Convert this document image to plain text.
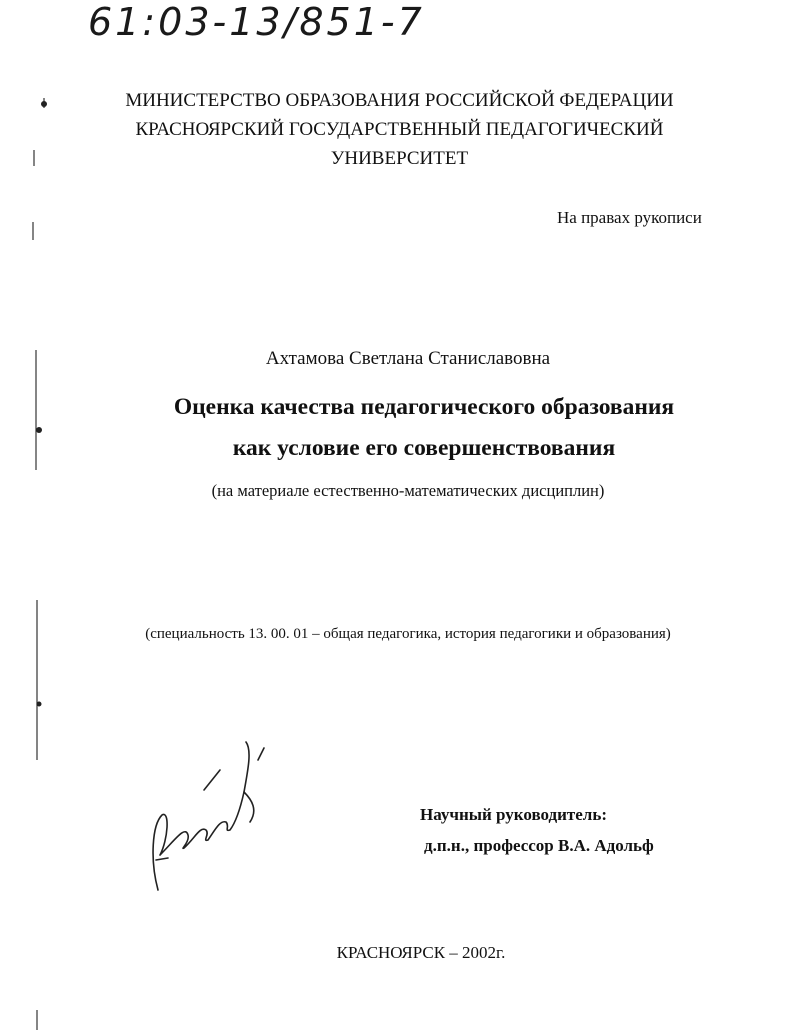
61:03-13/851-7
МИНИСТЕРСТВО ОБРАЗОВАНИЯ РОССИЙСКОЙ ФЕДЕРАЦИИ
КРАСНОЯРСКИЙ ГОСУДАРСТВЕННЫЙ ПЕДАГОГИЧЕСКИЙ
УНИВЕРСИТЕТ
На правах рукописи
Ахтамова Светлана Станиславовна
Оценка качества педагогического образования
как условие его совершенствования
(на материале естественно-математических дисциплин)
(специальность 13. 00. 01 – общая педагогика, история педагогики и образования)
Научный руководитель:
д.п.н., профессор В.А. Адольф
КРАСНОЯРСК – 2002г.
